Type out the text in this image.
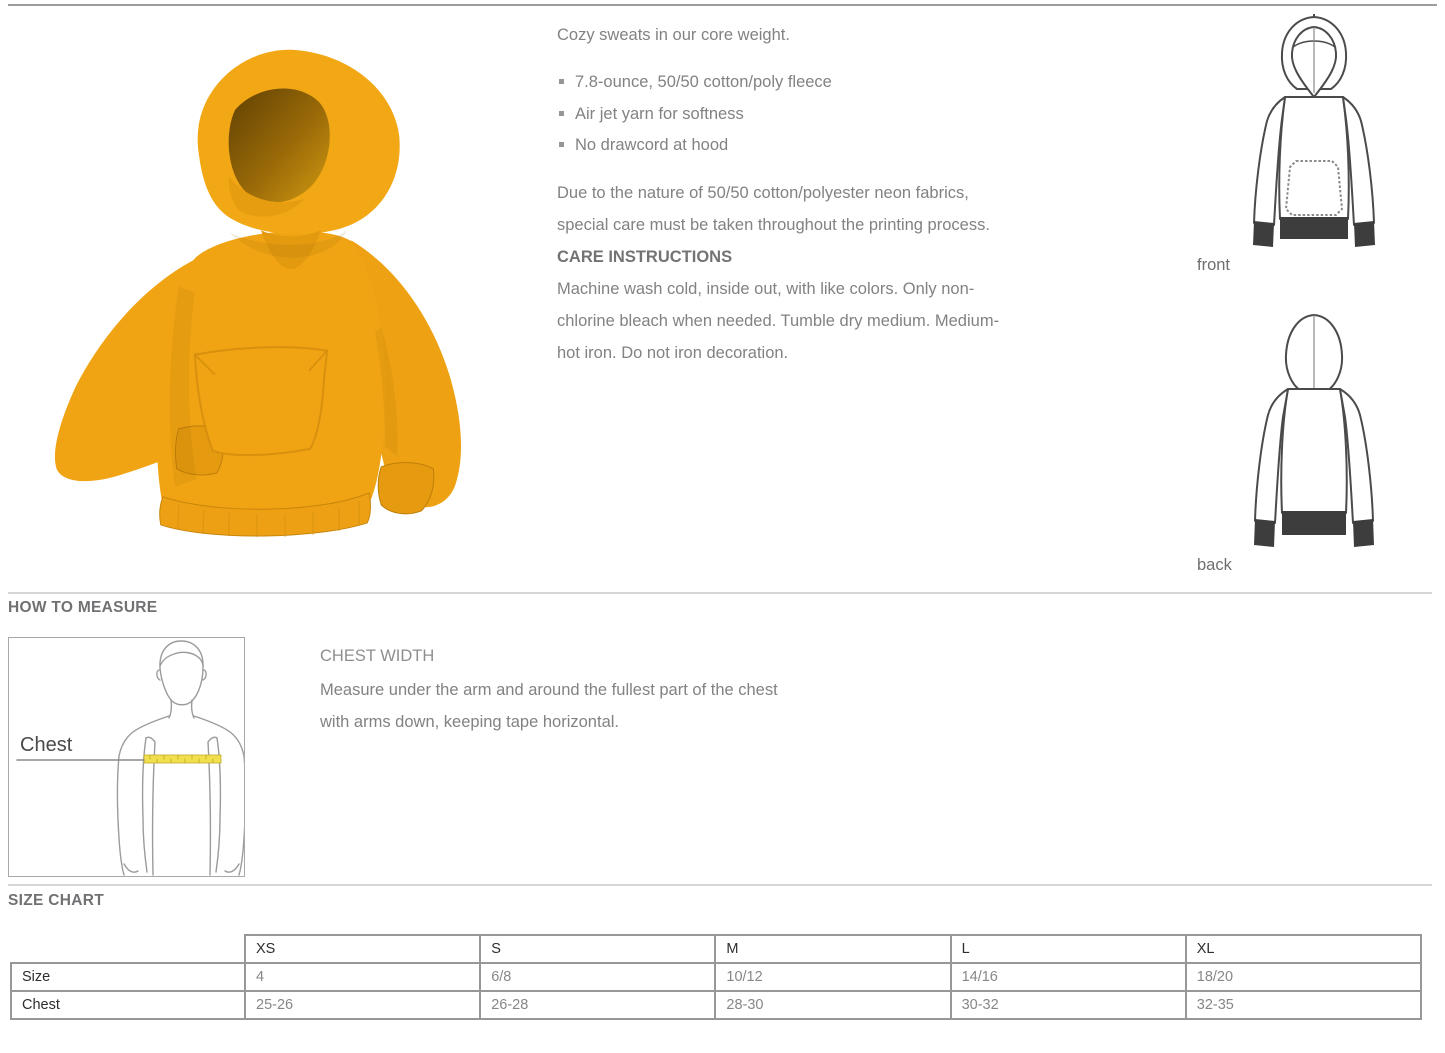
Cozy sweats in our core weight.
7.8-ounce, 50/50 cotton/poly fleece
Air jet yarn for softness
No drawcord at hood
Due to the nature of 50/50 cotton/polyester neon fabrics,
special care must be taken throughout the printing process.
CARE INSTRUCTIONS
Machine wash cold, inside out, with like colors. Only non-
chlorine bleach when needed. Tumble dry medium. Medium-
hot iron. Do not iron decoration.
front
back
HOW TO MEASURE
Chest
CHEST WIDTH
Measure under the arm and around the fullest part of the chest
with arms down, keeping tape horizontal.
SIZE CHART
	XS	S	M	L	XL
Size	4	6/8	10/12	14/16	18/20
Chest	25-26	26-28	28-30	30-32	32-35
